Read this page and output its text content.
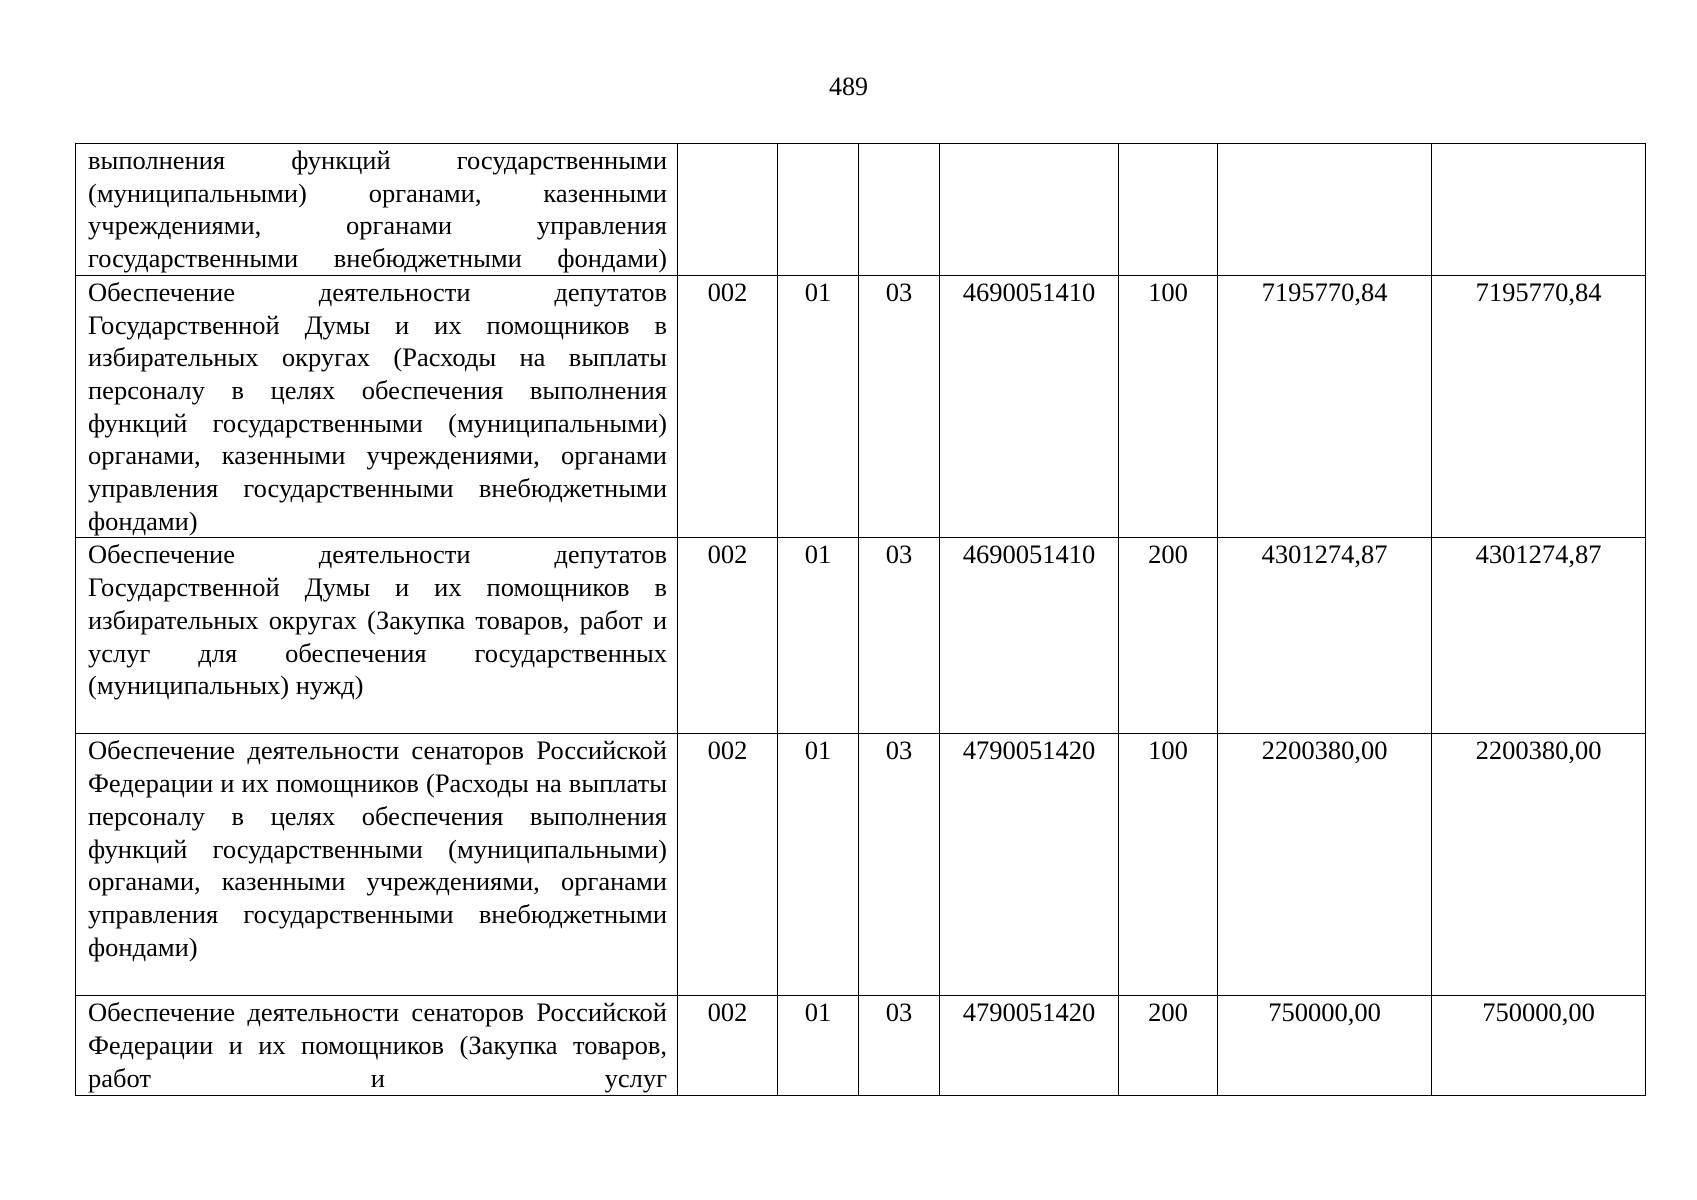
489

выполнения функций государственными (муниципальными) органами, казенными учреждениями, органами управления государственными внебюджетными фондами)							

Обеспечение деятельности депутатов Государственной Думы и их помощников в избирательных округах (Расходы на выплаты персоналу в целях обеспечения выполнения функций государственными (муниципальными) органами, казенными учреждениями, органами управления государственными внебюджетными фондами)	002	01	03	4690051410	100	7195770,84	7195770,84

Обеспечение деятельности депутатов Государственной Думы и их помощников в избирательных округах (Закупка товаров, работ и услуг для обеспечения государственных (муниципальных) нужд)	002	01	03	4690051410	200	4301274,87	4301274,87

Обеспечение деятельности сенаторов Российской Федерации и их помощников (Расходы на выплаты персоналу в целях обеспечения выполнения функций государственными (муниципальными) органами, казенными учреждениями, органами управления государственными внебюджетными фондами)	002	01	03	4790051420	100	2200380,00	2200380,00

Обеспечение деятельности сенаторов Российской Федерации и их помощников (Закупка товаров, работ и услуг	002	01	03	4790051420	200	750000,00	750000,00
